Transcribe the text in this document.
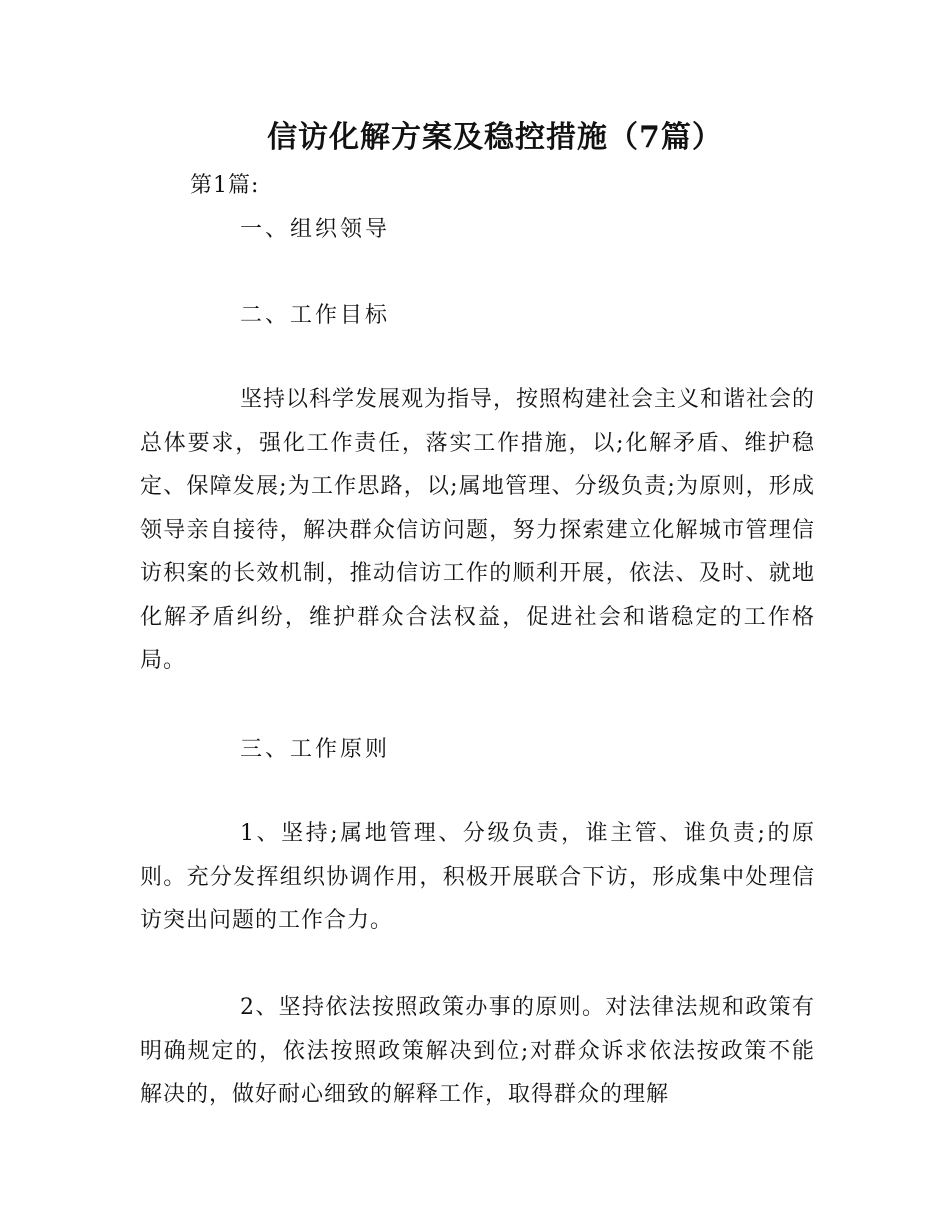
信访化解方案及稳控措施（7篇）
第1篇:
一、组织领导
二、工作目标
坚持以科学发展观为指导，按照构建社会主义和谐社会的总体要求，强化工作责任，落实工作措施，以;化解矛盾、维护稳定、保障发展;为工作思路，以;属地管理、分级负责;为原则，形成领导亲自接待，解决群众信访问题，努力探索建立化解城市管理信访积案的长效机制，推动信访工作的顺利开展，依法、及时、就地化解矛盾纠纷，维护群众合法权益，促进社会和谐稳定的工作格局。
三、工作原则
1、坚持;属地管理、分级负责，谁主管、谁负责;的原则。充分发挥组织协调作用，积极开展联合下访，形成集中处理信访突出问题的工作合力。
2、坚持依法按照政策办事的原则。对法律法规和政策有明确规定的，依法按照政策解决到位;对群众诉求依法按政策不能解决的，做好耐心细致的解释工作，取得群众的理解
